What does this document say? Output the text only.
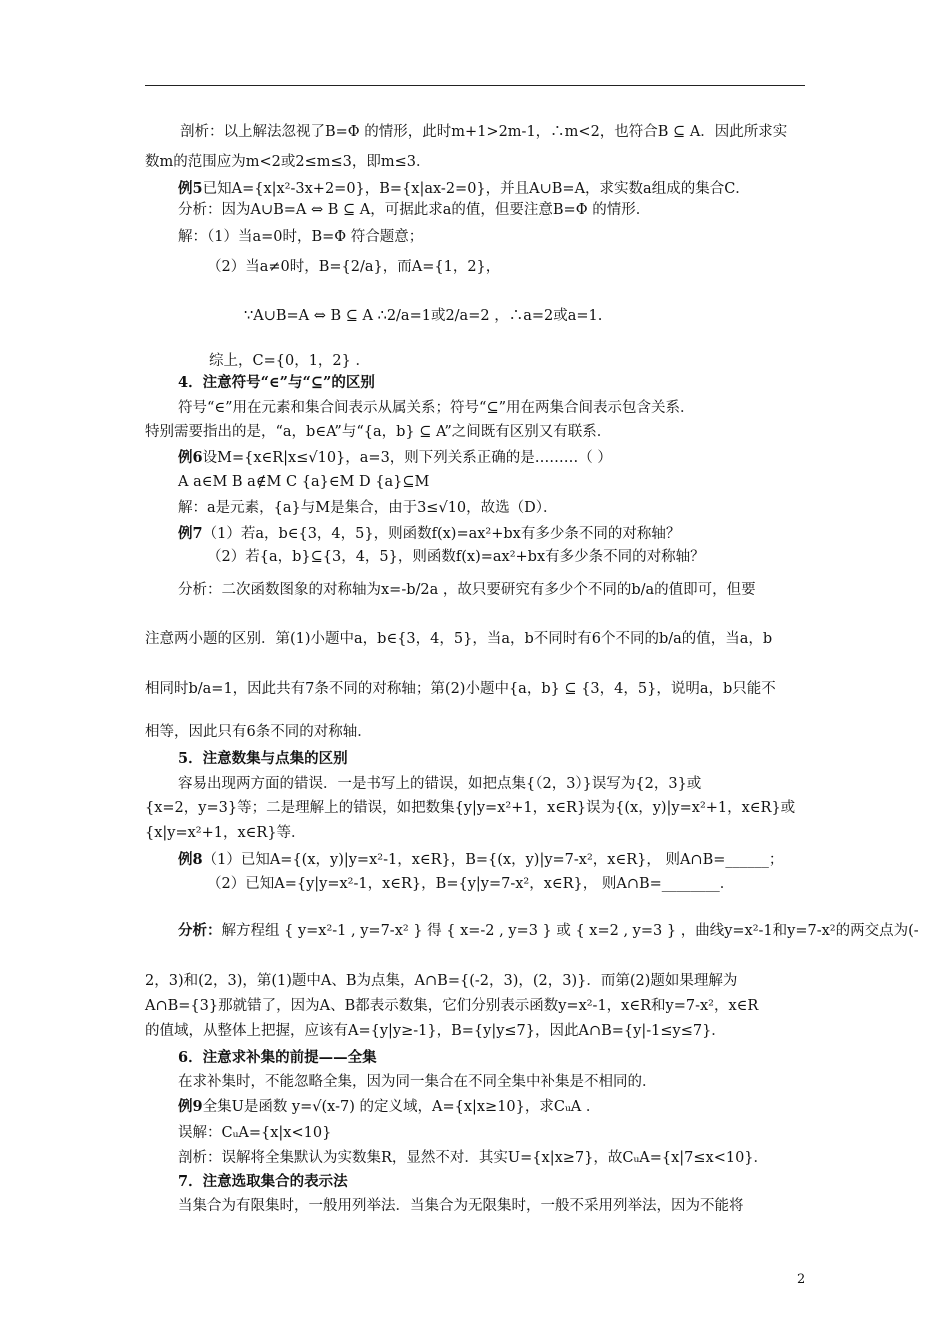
剖析：以上解法忽视了B=Φ 的情形，此时m+1>2m-1，∴m<2，也符合B ⊆ A．因此所求实
数m的范围应为m<2或2≤m≤3，即m≤3．
例5已知A={x|x²-3x+2=0}，B={x|ax-2=0}，并且A∪B=A，求实数a组成的集合C．
分析：因为A∪B=A ⇔ B ⊆ A，可据此求a的值，但要注意B=Φ 的情形．
解：（1）当a=0时，B=Φ 符合题意；
（2）当a≠0时，B={2/a}，而A={1，2}，
∵A∪B=A ⇔ B ⊆ A ∴2/a=1或2/a=2 ，∴a=2或a=1.
综上，C={0，1，2} ．
4．注意符号“∈”与“⊆”的区别
符号“∈”用在元素和集合间表示从属关系；符号“⊆”用在两集合间表示包含关系．
特别需要指出的是，“a，b∈A”与“{a，b} ⊆ A”之间既有区别又有联系．
例6设M={x∈R|x≤√10}，a=3，则下列关系正确的是………（ ）
A a∈M B a∉M C {a}∈M D {a}⊆M
解：a是元素，{a}与M是集合，由于3≤√10，故选（D）．
例7（1）若a，b∈{3，4，5}，则函数f(x)=ax²+bx有多少条不同的对称轴？
（2）若{a，b}⊆{3，4，5}，则函数f(x)=ax²+bx有多少条不同的对称轴？
分析：二次函数图象的对称轴为x=-b/2a ，故只要研究有多少个不同的b/a的值即可，但要
注意两小题的区别．第(1)小题中a，b∈{3，4，5}，当a，b不同时有6个不同的b/a的值，当a，b
相同时b/a=1，因此共有7条不同的对称轴；第(2)小题中{a，b} ⊆ {3，4，5}，说明a，b只能不
相等，因此只有6条不同的对称轴．
5．注意数集与点集的区别
容易出现两方面的错误．一是书写上的错误，如把点集{（2，3）}误写为{2，3}或
{x=2，y=3}等；二是理解上的错误，如把数集{y|y=x²+1，x∈R}误为{(x，y)|y=x²+1，x∈R}或
{x|y=x²+1，x∈R}等．
例8（1）已知A={(x，y)|y=x²-1，x∈R}，B={(x，y)|y=7-x²，x∈R}， 则A∩B=______；
（2）已知A={y|y=x²-1，x∈R}，B={y|y=7-x²，x∈R}， 则A∩B=________．
分析：解方程组 { y=x²-1 , y=7-x² } 得 { x=-2 , y=3 } 或 { x=2 , y=3 } ，曲线y=x²-1和y=7-x²的两交点为(-
2，3)和(2，3)，第(1)题中A、B为点集，A∩B={(-2，3)，(2，3)}．而第(2)题如果理解为
A∩B={3}那就错了，因为A、B都表示数集，它们分别表示函数y=x²-1，x∈R和y=7-x²，x∈R
的值域，从整体上把握，应该有A={y|y≥-1}，B={y|y≤7}，因此A∩B={y|-1≤y≤7}．
6．注意求补集的前提——全集
在求补集时，不能忽略全集，因为同一集合在不同全集中补集是不相同的．
例9全集U是函数 y=√(x-7) 的定义域，A={x|x≥10}，求CᵤA ．
误解：CᵤA={x|x<10}
剖析：误解将全集默认为实数集R，显然不对．其实U={x|x≥7}，故CᵤA={x|7≤x<10}．
7．注意选取集合的表示法
当集合为有限集时，一般用列举法．当集合为无限集时，一般不采用列举法，因为不能将
2
